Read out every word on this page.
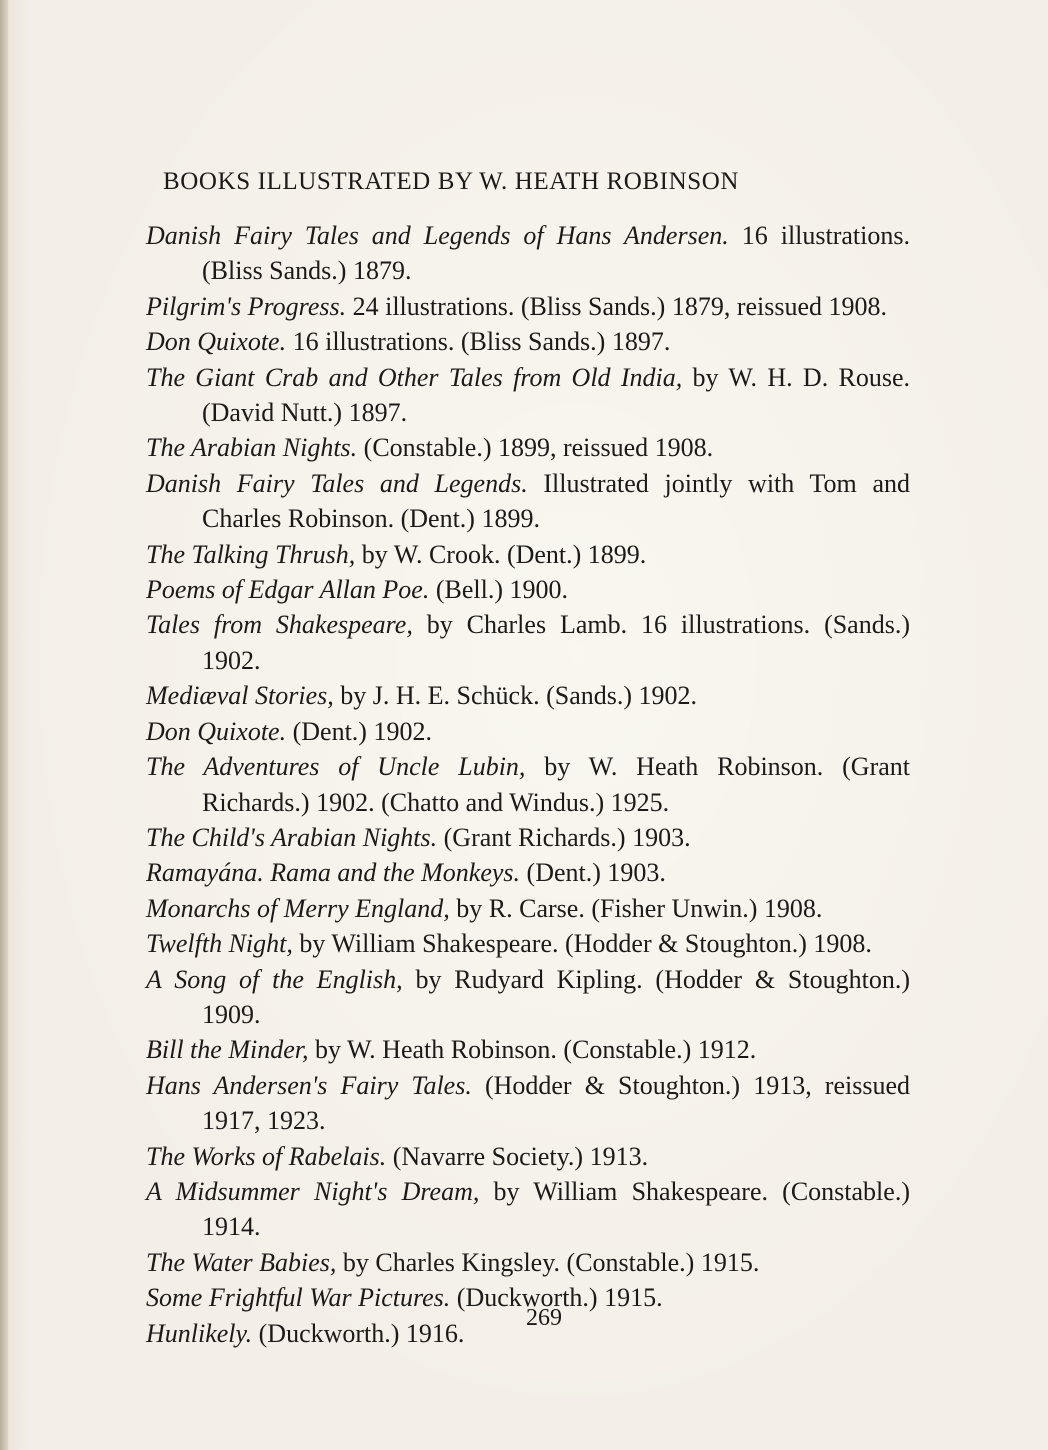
BOOKS ILLUSTRATED BY W. HEATH ROBINSON
Danish Fairy Tales and Legends of Hans Andersen. 16 illustrations. (Bliss Sands.) 1879.
Pilgrim's Progress. 24 illustrations. (Bliss Sands.) 1879, reissued 1908.
Don Quixote. 16 illustrations. (Bliss Sands.) 1897.
The Giant Crab and Other Tales from Old India, by W. H. D. Rouse. (David Nutt.) 1897.
The Arabian Nights. (Constable.) 1899, reissued 1908.
Danish Fairy Tales and Legends. Illustrated jointly with Tom and Charles Robinson. (Dent.) 1899.
The Talking Thrush, by W. Crook. (Dent.) 1899.
Poems of Edgar Allan Poe. (Bell.) 1900.
Tales from Shakespeare, by Charles Lamb. 16 illustrations. (Sands.) 1902.
Mediæval Stories, by J. H. E. Schück. (Sands.) 1902.
Don Quixote. (Dent.) 1902.
The Adventures of Uncle Lubin, by W. Heath Robinson. (Grant Richards.) 1902. (Chatto and Windus.) 1925.
The Child's Arabian Nights. (Grant Richards.) 1903.
Ramayána. Rama and the Monkeys. (Dent.) 1903.
Monarchs of Merry England, by R. Carse. (Fisher Unwin.) 1908.
Twelfth Night, by William Shakespeare. (Hodder & Stoughton.) 1908.
A Song of the English, by Rudyard Kipling. (Hodder & Stoughton.) 1909.
Bill the Minder, by W. Heath Robinson. (Constable.) 1912.
Hans Andersen's Fairy Tales. (Hodder & Stoughton.) 1913, reissued 1917, 1923.
The Works of Rabelais. (Navarre Society.) 1913.
A Midsummer Night's Dream, by William Shakespeare. (Constable.) 1914.
The Water Babies, by Charles Kingsley. (Constable.) 1915.
Some Frightful War Pictures. (Duckworth.) 1915.
Hunlikely. (Duckworth.) 1916.
269
